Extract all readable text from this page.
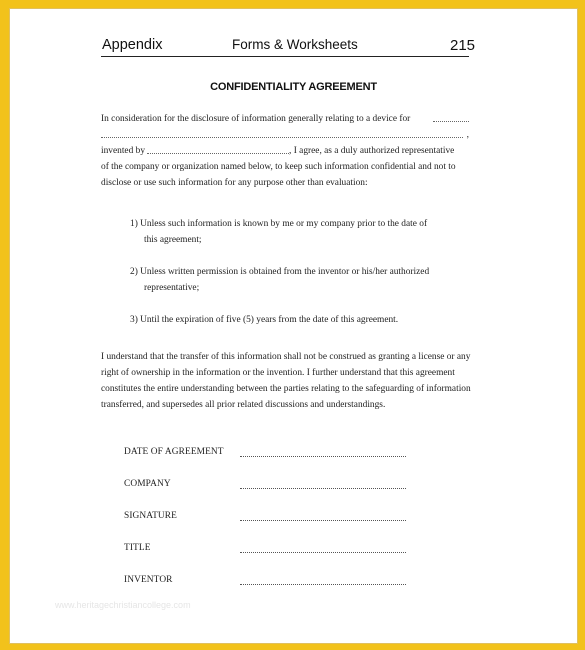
Appendix	Forms & Worksheets	215
CONFIDENTIALITY AGREEMENT
In consideration for the disclosure of information generally relating to a device for
,
invented by	, I agree, as a duly authorized representative
of the company or organization named below, to keep such information confidential and not to
disclose or use such information for any purpose other than evaluation:
1) Unless such information is known by me or my company prior to the date of
this agreement;
2) Unless written permission is obtained from the inventor or his/her authorized
representative;
3) Until the expiration of five (5) years from the date of this agreement.
I understand that the transfer of this information shall not be construed as granting a license or any
right of ownership in the information or the invention. I further understand that this agreement
constitutes the entire understanding between the parties relating to the safeguarding of information
transferred, and supersedes all prior related discussions and understandings.
DATE OF AGREEMENT
COMPANY
SIGNATURE
TITLE
INVENTOR
www.heritagechristiancollege.com
